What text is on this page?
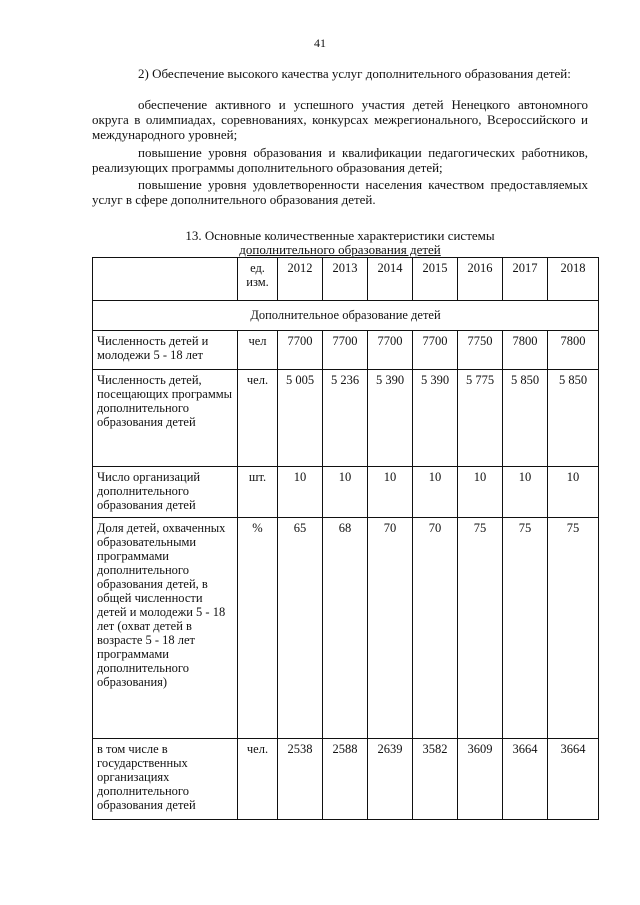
41

2) Обеспечение высокого качества услуг дополнительного образования детей:

обеспечение активного и успешного участия детей Ненецкого автономного округа в олимпиадах, соревнованиях, конкурсах межрегионального, Всероссийского и международного уровней;

повышение уровня образования и квалификации педагогических работников, реализующих программы дополнительного образования детей;

повышение уровня удовлетворенности населения качеством предоставляемых услуг в сфере дополнительного образования детей.

13. Основные количественные характеристики системы
дополнительного образования детей
	ед. изм.	2012	2013	2014	2015	2016	2017	2018
Дополнительное образование детей								
Численность детей и молодежи 5 - 18 лет	чел	7700	7700	7700	7700	7750	7800	7800
Численность детей, посещающих программы дополнительного образования детей	чел.	5 005	5 236	5 390	5 390	5 775	5 850	5 850
Число организаций дополнительного образования детей	шт.	10	10	10	10	10	10	10
Доля детей, охваченных образовательными программами дополнительного образования детей, в общей численности детей и молодежи 5 - 18 лет (охват детей в возрасте 5 - 18 лет программами дополнительного образования)	%	65	68	70	70	75	75	75
в том числе в государственных организациях дополнительного образования детей	чел.	2538	2588	2639	3582	3609	3664	3664
